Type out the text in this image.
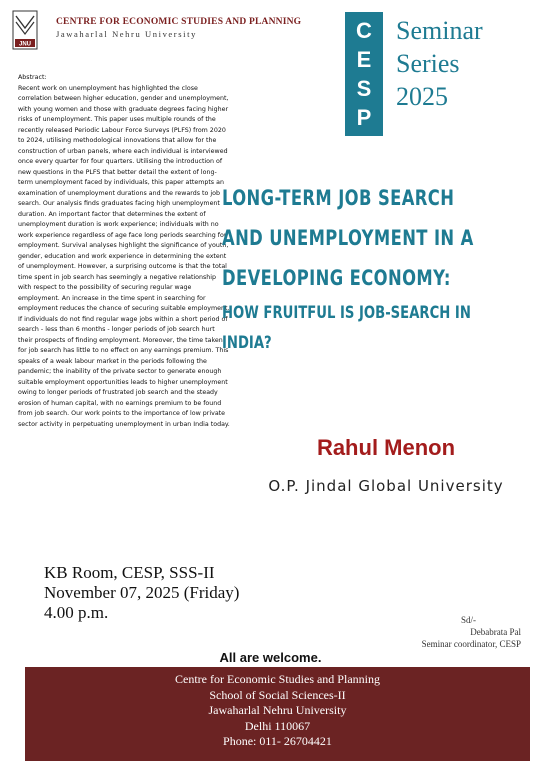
JNU
CENTRE FOR ECONOMIC STUDIES AND PLANNING
Jawaharlal Nehru University	C
E
S
P
Seminar
Series
2025
Abstract:
Recent work on unemployment has highlighted the close correlation between higher education, gender and unemployment, with young women and those with graduate degrees facing higher risks of unemployment. This paper uses multiple rounds of the recently released Periodic Labour Force Surveys (PLFS) from 2020 to 2024, utilising methodological innovations that allow for the construction of urban panels, where each individual is interviewed once every quarter for four quarters. Utilising the introduction of new questions in the PLFS that better detail the extent of long-term unemployment faced by individuals, this paper attempts an examination of unemployment durations and the rewards to job search. Our analysis finds graduates facing high unemployment duration. An important factor that determines the extent of unemployment duration is work experience; individuals with no work experience regardless of age face long periods searching for employment. Survival analyses highlight the significance of youth, gender, education and work experience in determining the extent of unemployment. However, a surprising outcome is that the total time spent in job search has seemingly a negative relationship with respect to the possibility of securing regular wage employment. An increase in the time spent in searching for employment reduces the chance of securing suitable employment. If individuals do not find regular wage jobs within a short period of search - less than 6 months - longer periods of job search hurt their prospects of finding employment. Moreover, the time taken for job search has little to no effect on any earnings premium. This speaks of a weak labour market in the periods following the pandemic; the inability of the private sector to generate enough suitable employment opportunities leads to higher unemployment owing to longer periods of frustrated job search and the steady erosion of human capital, with no earnings premium to be found from job search. Our work points to the importance of low private sector activity in perpetuating unemployment in urban India today.
LONG-TERM JOB SEARCH
AND UNEMPLOYMENT IN A
DEVELOPING ECONOMY:
HOW FRUITFUL IS JOB-SEARCH IN
INDIA?
Rahul Menon
O.P. Jindal Global University
KB Room, CESP, SSS-II
November 07, 2025 (Friday)
4.00 p.m.	Sd/-
Debabrata Pal
Seminar coordinator, CESP
All are welcome.
Centre for Economic Studies and Planning
School of Social Sciences-II
Jawaharlal Nehru University
Delhi 110067
Phone: 011- 26704421
